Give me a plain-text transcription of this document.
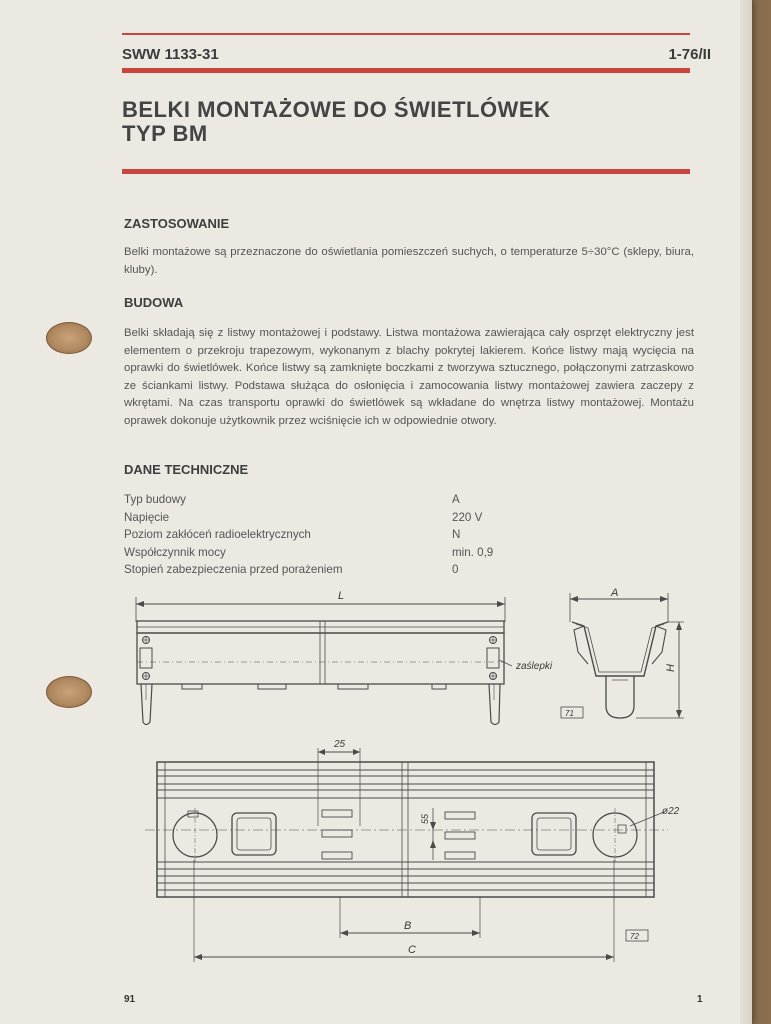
SWW 1133-31	1-76/II
BELKI MONTAŻOWE DO ŚWIETLÓWEK
TYP BM
ZASTOSOWANIE
Belki montażowe są przeznaczone do oświetlania pomieszczeń suchych, o temperaturze 5÷30°C (sklepy, biura, kluby).
BUDOWA
Belki składają się z listwy montażowej i podstawy. Listwa montażowa zawierająca cały osprzęt elektryczny jest elementem o przekroju trapezowym, wykonanym z blachy pokrytej lakierem. Końce listwy mają wycięcia na oprawki do świetlówek. Końce listwy są zamknięte boczkami z tworzywa sztucznego, połączonymi zatrzaskowo ze ściankami listwy. Podstawa służąca do osłonięcia i zamocowania listwy montażowej zawiera zaczepy z wkrętami. Na czas transportu oprawki do świetlówek są wkładane do wnętrza listwy montażowej. Montażu oprawek dokonuje użytkownik przez wciśnięcie ich w odpowiednie otwory.
DANE TECHNICZNE
Typ budowy	A
Napięcie	220 V
Poziom zakłóceń radioelektrycznych	N
Współczynnik mocy	min. 0,9
Stopień zabezpieczenia przed porażeniem	0
L
zaślepki
A
H
71
25
55
ø22
B
C
72
91	1
